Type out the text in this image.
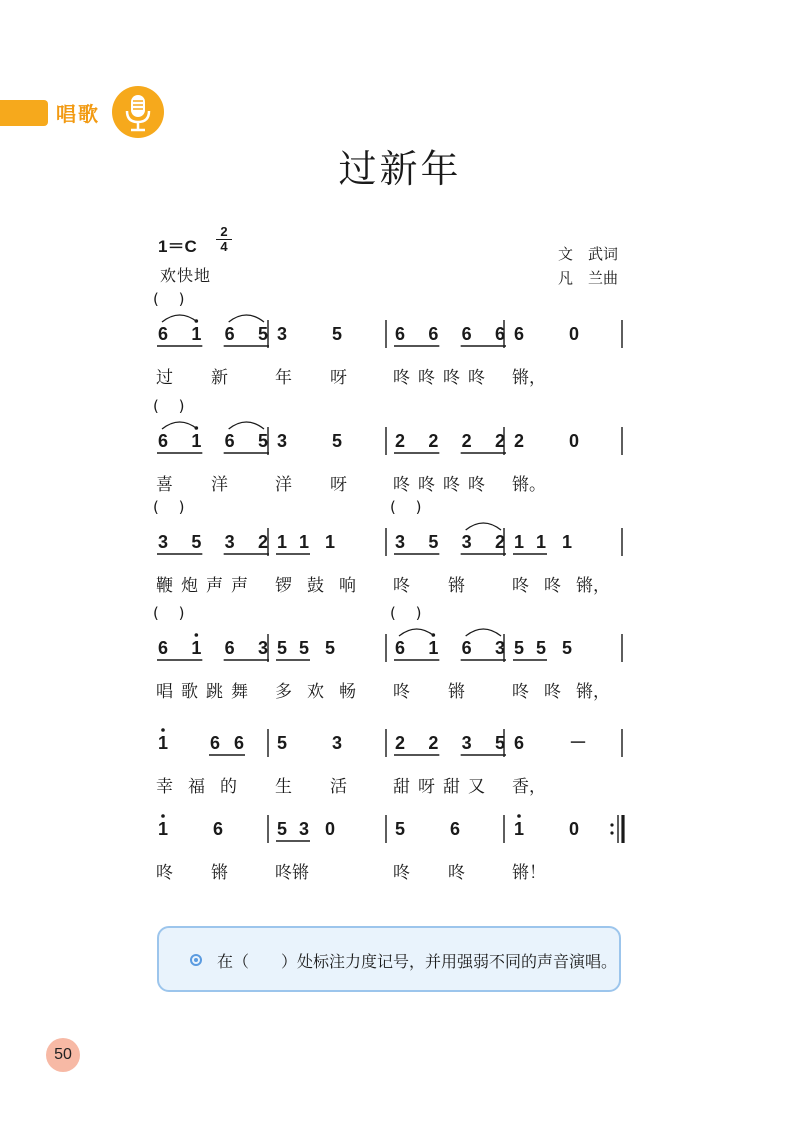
唱歌
过新年
1＝C
2
4
欢快地
文　武词
凡　兰曲
(　 )
6 1 6 5
过 新
3 5
年 呀
6 6 6 6
咚 咚 咚 咚
6 0
锵，
(　 )
6 1 6 5
喜 洋
3 5
洋 呀
2 2 2 2
咚 咚 咚 咚
2 0
锵。
(　 )	(　 )
3 5 3 2
鞭 炮 声 声
1 1 1
锣 鼓 响
3 5 3 2
咚 锵
1 1 1
咚 咚 锵，
(　 )	(　 )
6 1 6 3
唱 歌 跳 舞
5 5 5
多 欢 畅
6 1 6 3
咚 锵
5 5 5
咚 咚 锵，
1 6 6
幸 福 的
5 3
生 活
2 2 3 5
甜 呀 甜 又
6 －
香，
1 6
咚 锵
5 3 0
咚锵
5 6
咚 咚
1 0
锵！
在（　　）处标注力度记号，并用强弱不同的声音演唱。
50
